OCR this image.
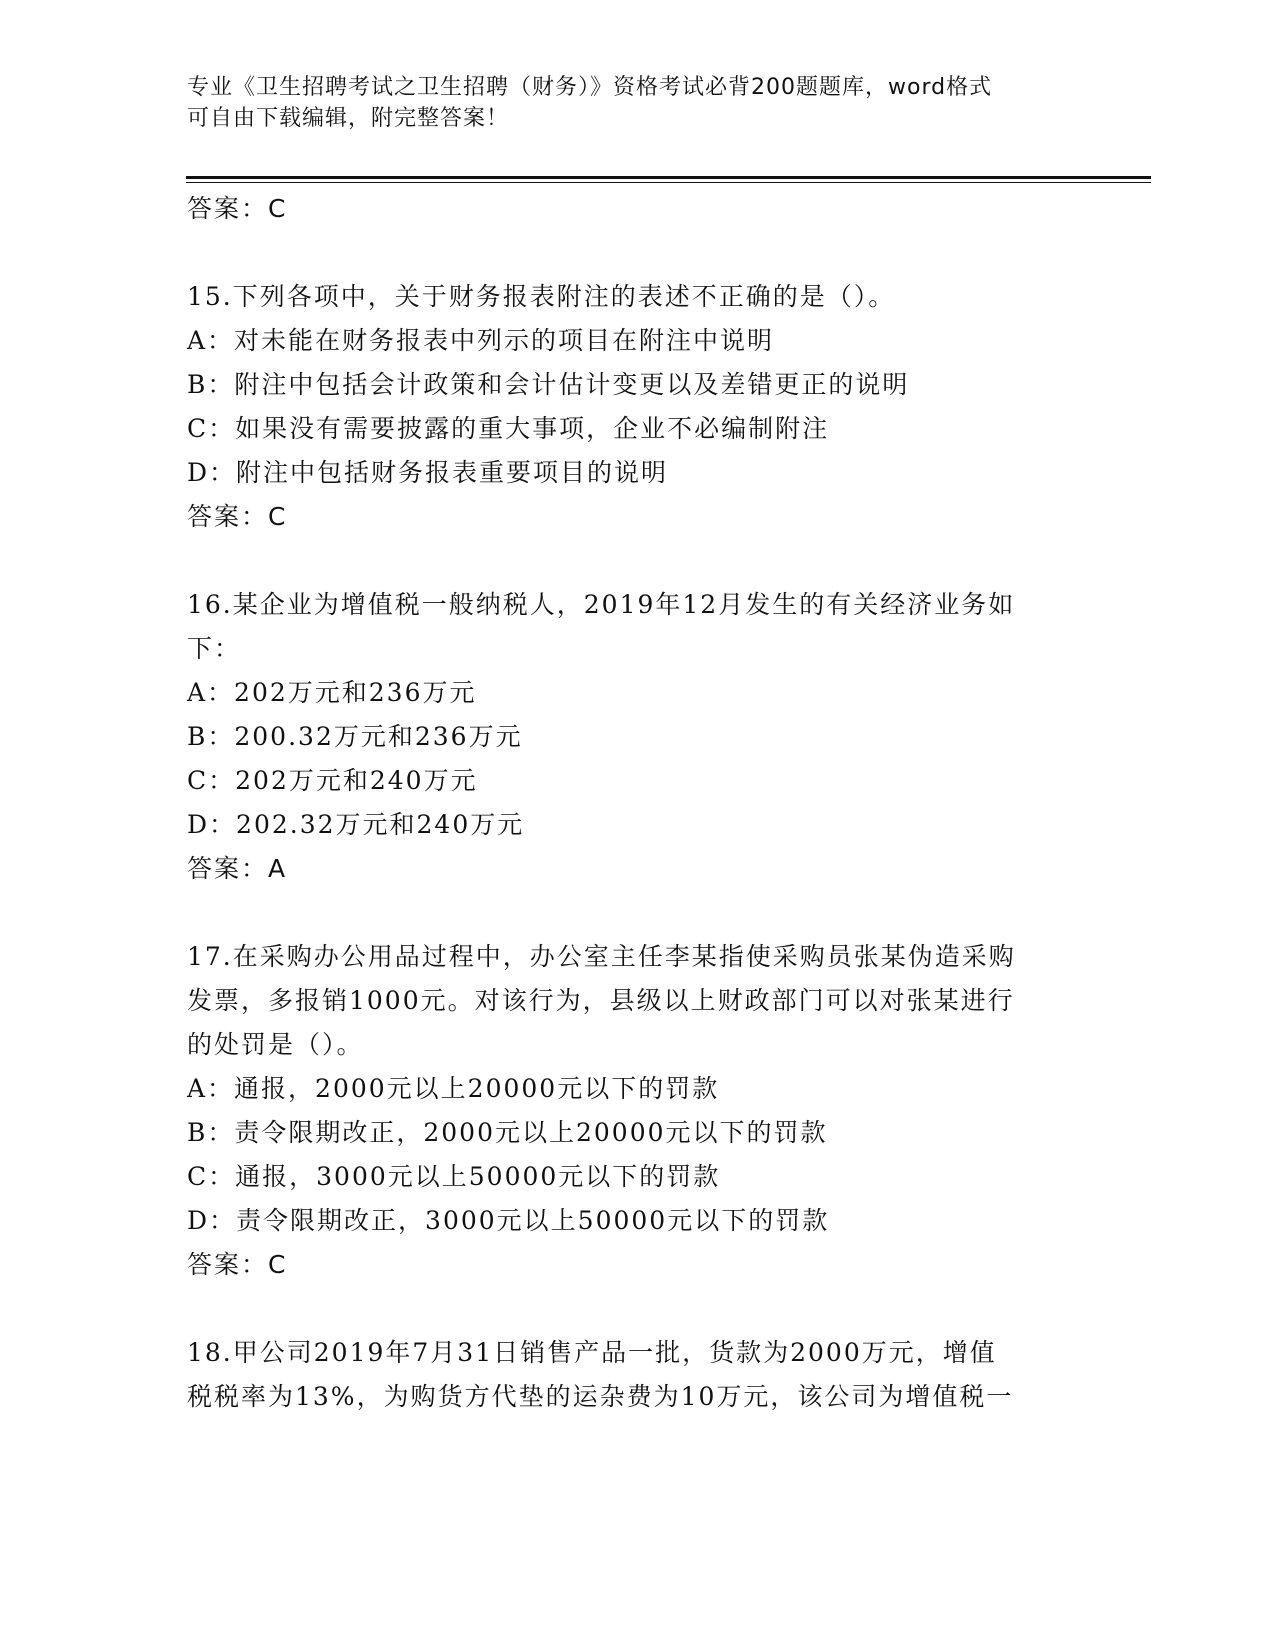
专业《卫生招聘考试之卫生招聘（财务）》资格考试必背200题题库，word格式
可自由下载编辑，附完整答案！
答案：C
15.下列各项中，关于财务报表附注的表述不正确的是（）。
A：对未能在财务报表中列示的项目在附注中说明
B：附注中包括会计政策和会计估计变更以及差错更正的说明
C：如果没有需要披露的重大事项，企业不必编制附注
D：附注中包括财务报表重要项目的说明
答案：C
16.某企业为增值税一般纳税人，2019年12月发生的有关经济业务如
下：
A：202万元和236万元
B：200.32万元和236万元
C：202万元和240万元
D：202.32万元和240万元
答案：A
17.在采购办公用品过程中，办公室主任李某指使采购员张某伪造采购
发票，多报销1000元。对该行为，县级以上财政部门可以对张某进行
的处罚是（）。
A：通报，2000元以上20000元以下的罚款
B：责令限期改正，2000元以上20000元以下的罚款
C：通报，3000元以上50000元以下的罚款
D：责令限期改正，3000元以上50000元以下的罚款
答案：C
18.甲公司2019年7月31日销售产品一批，货款为2000万元，增值
税税率为13%，为购货方代垫的运杂费为10万元，该公司为增值税一
